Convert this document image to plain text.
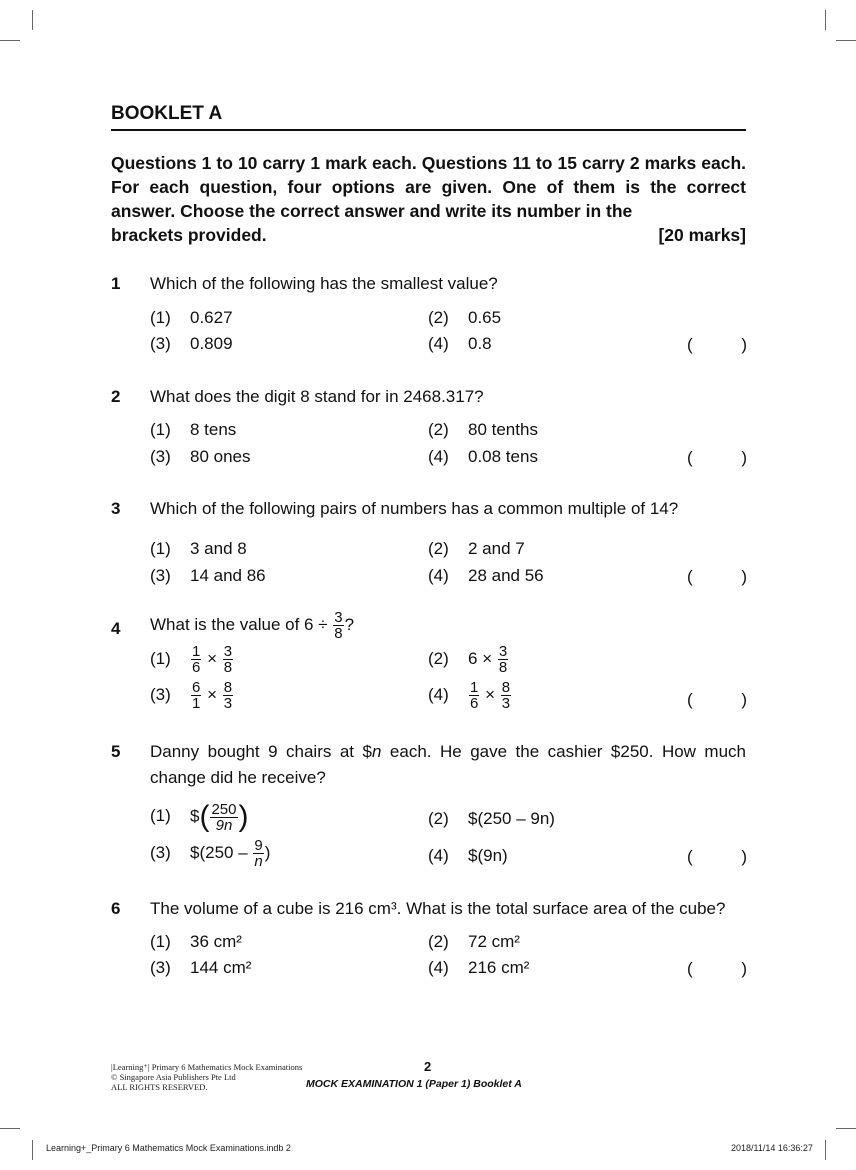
BOOKLET A
Questions 1 to 10 carry 1 mark each. Questions 11 to 15 carry 2 marks each. For each question, four options are given. One of them is the correct answer. Choose the correct answer and write its number in the
brackets provided.	[20 marks]
1 Which of the following has the smallest value?
(1) 0.627	(2) 0.65
(3) 0.809	(4) 0.8	(	)
2 What does the digit 8 stand for in 2468.317?
(1) 8 tens	(2) 80 tenths
(3) 80 ones	(4) 0.08 tens	(	)
3 Which of the following pairs of numbers has a common multiple of 14?
(1) 3 and 8	(2) 2 and 7
(3) 14 and 86	(4) 28 and 56	(	)
4 What is the value of $6 \div \frac{3}{8}$ ?
$(1) \frac{1}{6} \times \frac{3}{8}$	(2) $6 \times \frac{3}{8}$
$(3) \frac{6}{1} \times \frac{8}{3}$	$(4) \frac{1}{6} \times \frac{8}{3}$	(	)
5 Danny bought 9 chairs at $n each. He gave the cashier $250. How much
change did he receive?
(1) $( $\frac{250}{9n}$ )	(2) $(250 – 9n)
(3) $(250 – $\frac{9}{n}$ )	(4) $(9n)	(	)
6 The volume of a cube is 216 cm³. What is the total surface area of the cube?
(1) 36 cm²	(2) 72 cm²
(3) 144 cm²	(4) 216 cm²	(	)
|Learning⁺| Primary 6 Mathematics Mock Examinations
© Singapore Asia Publishers Pte Ltd
ALL RIGHTS RESERVED.
2
MOCK EXAMINATION 1 (Paper 1) Booklet A
Learning+_Primary 6 Mathematics Mock Examinations.indb 2	2018/11/14 16:36:27
